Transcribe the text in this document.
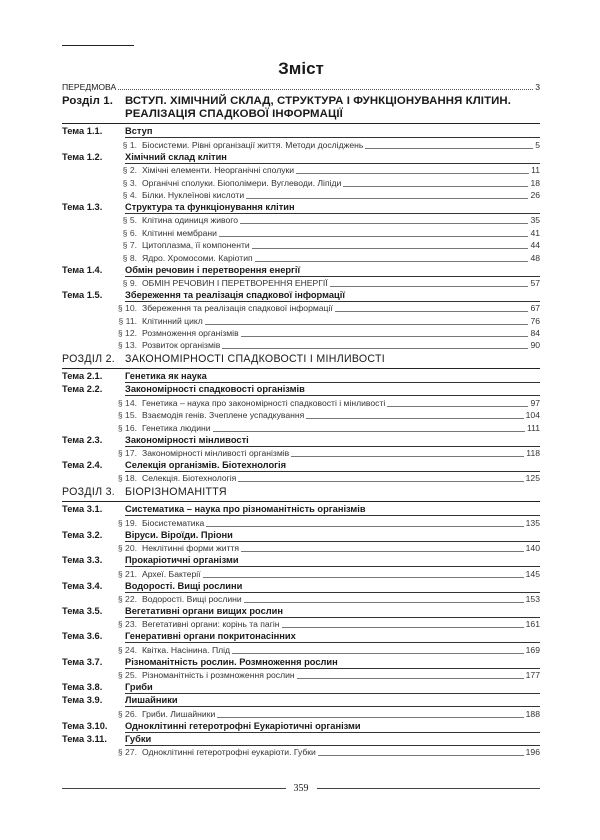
Зміст
ПЕРЕДМОВА	3
Розділ 1.	ВСТУП. ХІМІЧНИЙ СКЛАД, СТРУКТУРА І ФУНКЦІОНУВАННЯ КЛІТИН. РЕАЛІЗАЦІЯ СПАДКОВОЇ ІНФОРМАЦІЇ
Тема 1.1.	Вступ
§ 1. Біосистеми. Рівні організації життя. Методи досліджень	5
Тема 1.2.	Хімічний склад клітин
§ 2. Хімічні елементи. Неорганічні сполуки	11
§ 3. Органічні сполуки. Біополімери. Вуглеводи. Ліпіди	18
§ 4. Білки. Нуклеїнові кислоти	26
Тема 1.3.	Структура та функціонування клітин
§ 5. Клітина одиниця живого	35
§ 6. Клітинні мембрани	41
§ 7. Цитоплазма, її компоненти	44
§ 8. Ядро. Хромосоми. Каріотип	48
Тема 1.4.	Обмін речовин і перетворення енергії
§ 9. ОБМІН РЕЧОВИН І ПЕРЕТВОРЕННЯ ЕНЕРГІЇ	57
Тема 1.5.	Збереження та реалізація спадкової інформації
§ 10. Збереження та реалізація спадкової інформації	67
§ 11. Клітинний цикл	76
§ 12. Розмноження організмів	84
§ 13. Розвиток організмів	90
РОЗДІЛ 2. ЗАКОНОМІРНОСТІ СПАДКОВОСТІ І МІНЛИВОСТІ
Тема 2.1.	Генетика як наука
Тема 2.2.	Закономірності спадковості організмів
§ 14. Генетика – наука про закономірності спадковості і мінливості	97
§ 15. Взаємодія генів. Зчеплене успадкування	104
§ 16. Генетика людини	111
Тема 2.3.	Закономірності мінливості
§ 17. Закономірності мінливості організмів	118
Тема 2.4.	Селекція організмів. Біотехнологія
§ 18. Селекція. Біотехнологія	125
РОЗДІЛ 3. БІОРІЗНОМАНІТТЯ
Тема 3.1.	Систематика – наука про різноманітність організмів
§ 19. Біосистематика	135
Тема 3.2.	Віруси. Віроїди. Пріони
§ 20. Неклітинні форми життя	140
Тема 3.3.	Прокаріотичні організми
§ 21. Археї. Бактерії	145
Тема 3.4.	Водорості. Вищі рослини
§ 22. Водорості. Вищі рослини	153
Тема 3.5.	Вегетативні органи вищих рослин
§ 23. Вегетативні органи: корінь та пагін	161
Тема 3.6.	Генеративні органи покритонасінних
§ 24. Квітка. Насінина. Плід	169
Тема 3.7.	Різноманітність рослин. Розмноження рослин
§ 25. Різноманітність і розмноження рослин	177
Тема 3.8.	Гриби
Тема 3.9.	Лишайники
§ 26. Гриби. Лишайники	188
Тема 3.10.	Одноклітинні гетеротрофні Еукаріотичні організми
Тема 3.11.	Губки
§ 27. Одноклітинні гетеротрофні еукаріоти. Губки	196
359
